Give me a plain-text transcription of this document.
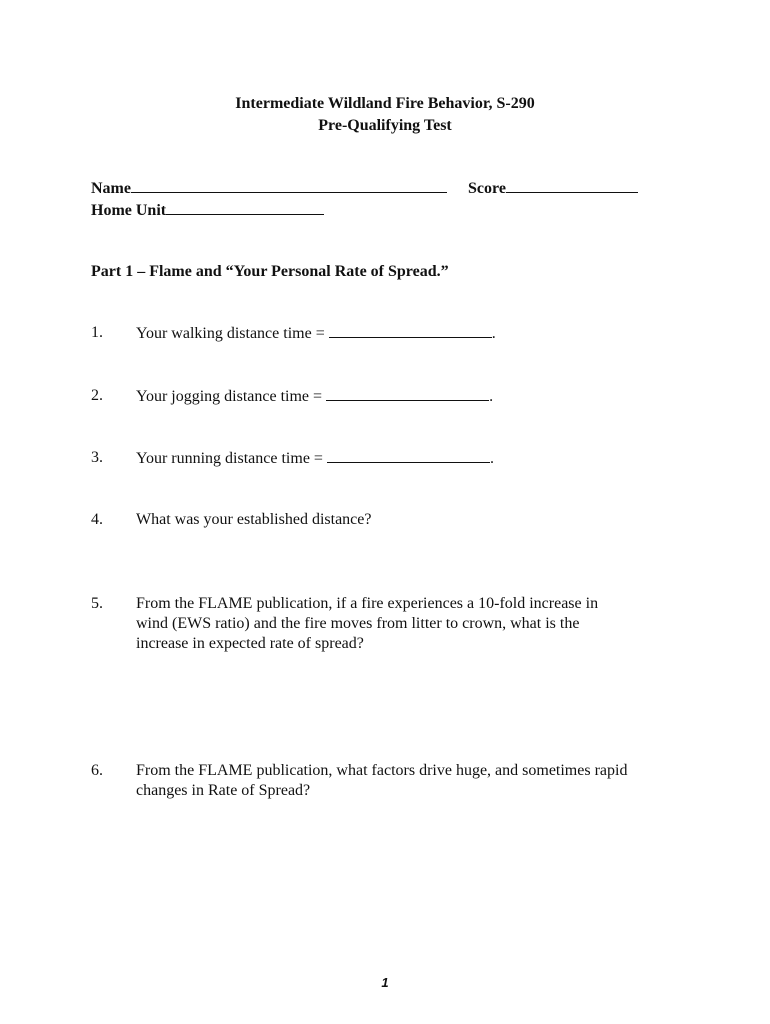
Intermediate Wildland Fire Behavior, S-290
Pre-Qualifying Test
Name	Score
Home Unit
Part 1 – Flame and “Your Personal Rate of Spread.”
1. Your walking distance time =	.
2. Your jogging distance time =	.
3. Your running distance time =	.
4. What was your established distance?
5. From the FLAME publication, if a fire experiences a 10-fold increase in
wind (EWS ratio) and the fire moves from litter to crown, what is the
increase in expected rate of spread?
6. From the FLAME publication, what factors drive huge, and sometimes rapid
changes in Rate of Spread?
1
